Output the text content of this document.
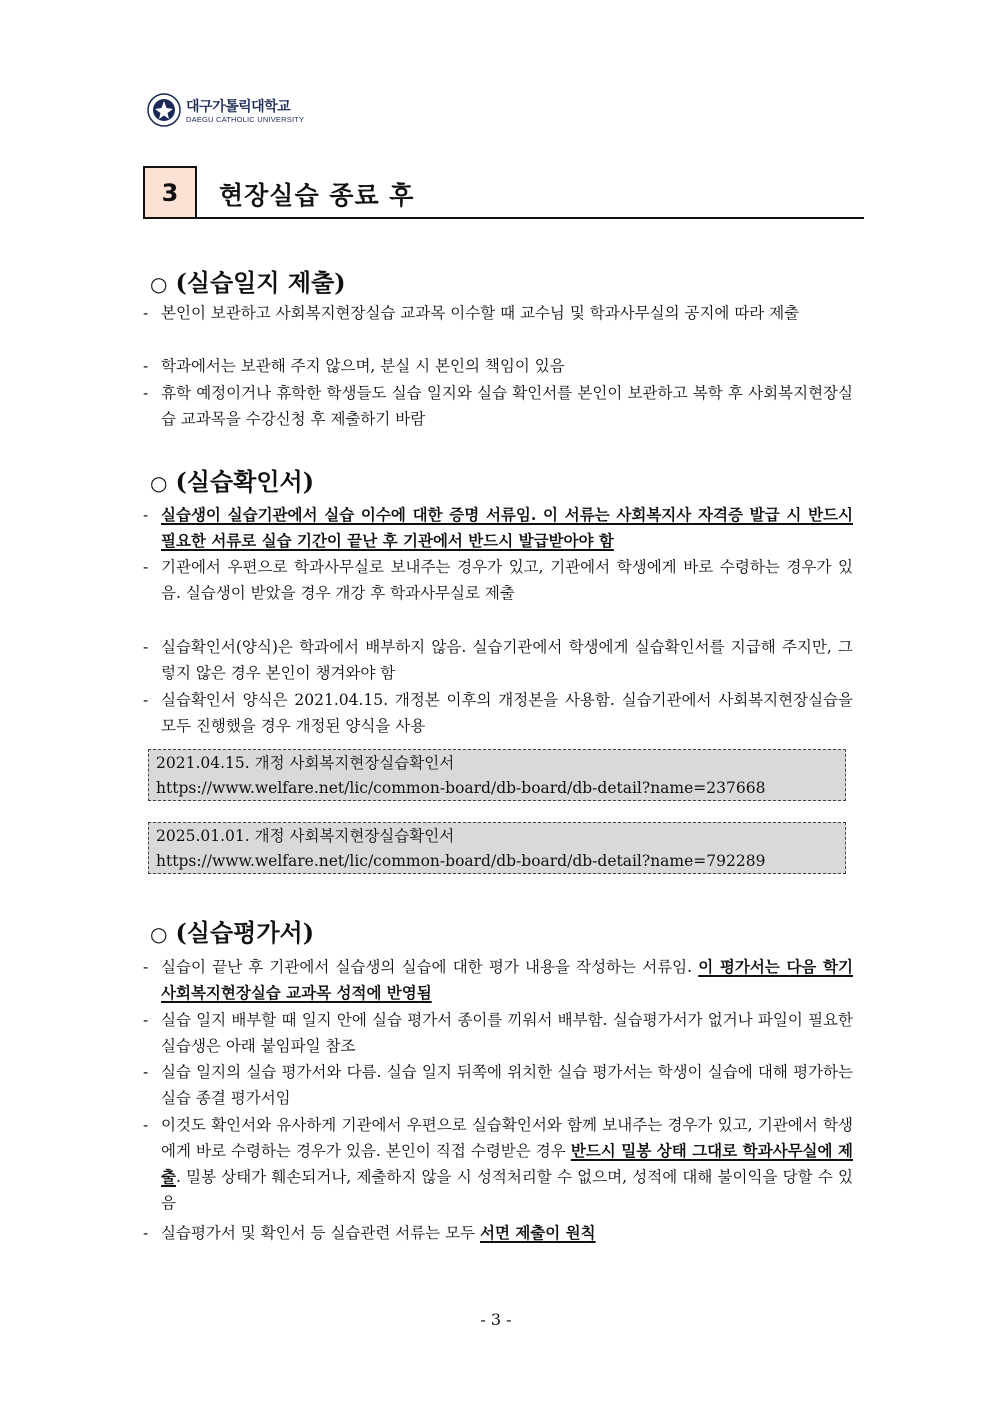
대구가톨릭대학교
DAEGU CATHOLIC UNIVERSITY
3	현장실습 종료 후
○ (실습일지 제출)
- 본인이 보관하고 사회복지현장실습 교과목 이수할 때 교수님 및 학과사무실의 공지에 따라 제출
- 학과에서는 보관해 주지 않으며, 분실 시 본인의 책임이 있음
- 휴학 예정이거나 휴학한 학생들도 실습 일지와 실습 확인서를 본인이 보관하고 복학 후 사회복지현장실습 교과목을 수강신청 후 제출하기 바람
○ (실습확인서)
- 실습생이 실습기관에서 실습 이수에 대한 증명 서류임. 이 서류는 사회복지사 자격증 발급 시 반드시 필요한 서류로 실습 기간이 끝난 후 기관에서 반드시 발급받아야 함
- 기관에서 우편으로 학과사무실로 보내주는 경우가 있고, 기관에서 학생에게 바로 수령하는 경우가 있음. 실습생이 받았을 경우 개강 후 학과사무실로 제출
- 실습확인서(양식)은 학과에서 배부하지 않음. 실습기관에서 학생에게 실습확인서를 지급해 주지만, 그렇지 않은 경우 본인이 챙겨와야 함
- 실습확인서 양식은 2021.04.15. 개정본 이후의 개정본을 사용함. 실습기관에서 사회복지현장실습을 모두 진행했을 경우 개정된 양식을 사용
2021.04.15. 개정 사회복지현장실습확인서
https://www.welfare.net/lic/common-board/db-board/db-detail?name=237668
2025.01.01. 개정 사회복지현장실습확인서
https://www.welfare.net/lic/common-board/db-board/db-detail?name=792289
○ (실습평가서)
- 실습이 끝난 후 기관에서 실습생의 실습에 대한 평가 내용을 작성하는 서류임. 이 평가서는 다음 학기 사회복지현장실습 교과목 성적에 반영됨
- 실습 일지 배부할 때 일지 안에 실습 평가서 종이를 끼워서 배부함. 실습평가서가 없거나 파일이 필요한 실습생은 아래 붙임파일 참조
- 실습 일지의 실습 평가서와 다름. 실습 일지 뒤쪽에 위치한 실습 평가서는 학생이 실습에 대해 평가하는 실습 종결 평가서임
- 이것도 확인서와 유사하게 기관에서 우편으로 실습확인서와 함께 보내주는 경우가 있고, 기관에서 학생에게 바로 수령하는 경우가 있음. 본인이 직접 수령받은 경우 반드시 밀봉 상태 그대로 학과사무실에 제출. 밀봉 상태가 훼손되거나, 제출하지 않을 시 성적처리할 수 없으며, 성적에 대해 불이익을 당할 수 있음
- 실습평가서 및 확인서 등 실습관련 서류는 모두 서면 제출이 원칙
- 3 -
